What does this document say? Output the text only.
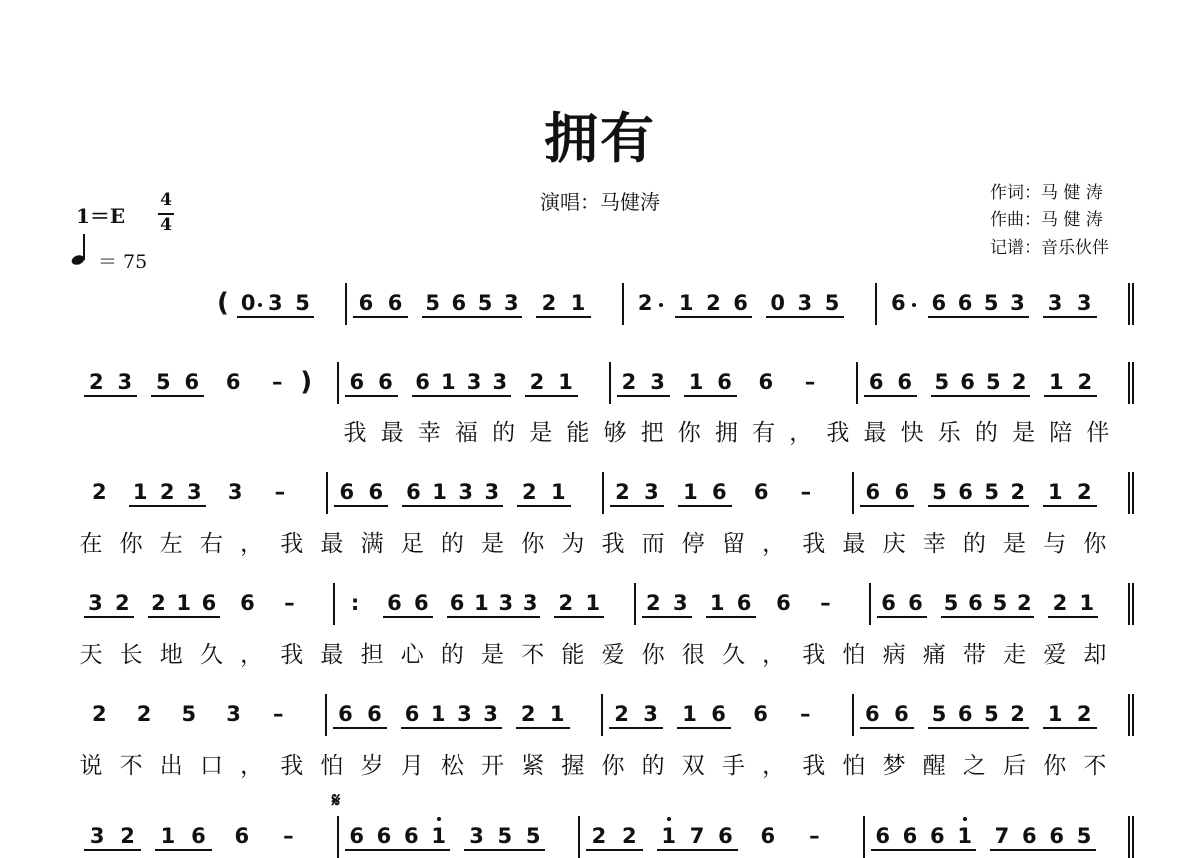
拥有
演唱：马健涛	作词：马 健 涛
作曲：马 健 涛
记谱：音乐伙伴
1＝E
4
4
＝ 75
( 0 3 5	6 6	5 6 5 3	2 1	2	1 2 6 0 3 5	6	6 6 5 3	3 3
2 3	5 6	6	– )	6 6	6 1 3 3	2 1	2 3	1 6	6	–	6 6	5 6 5 2	1 2
我 最 幸 福 的 是 能 够 把 你 拥 有 ， 我 最 快 乐 的 是 陪 伴
2	1 2 3	3	–	6 6	6 1 3 3	2 1	2 3	1 6	6	–	6 6	5 6 5 2	1 2
在 你 左 右 ， 我 最 满 足 的 是 你 为 我 而 停 留 ， 我 最 庆 幸 的 是 与 你
3 2 2 1 6	6	–	:	6 6 6 1 3 3 2 1 2 3 1 6	6	–	6 6 5 6 5 2 2 1
天 长 地 久 ， 我 最 担 心 的 是 不 能 爱 你 很 久 ， 我 怕 病 痛 带 走 爱 却
2	2	5	3	–	6 6	6 1 3 3	2 1	2 3	1 6	6	–	6 6	5 6 5 2	1 2
说 不 出 口 ， 我 怕 岁 月 松 开 紧 握 你 的 双 手 ， 我 怕 梦 醒 之 后 你 不
3 2	1 6	6	–	6 6 6 1	3 5 5	2 2	1 7 6	6	–	6 6 6 1	7 6 6 5
𝄋
